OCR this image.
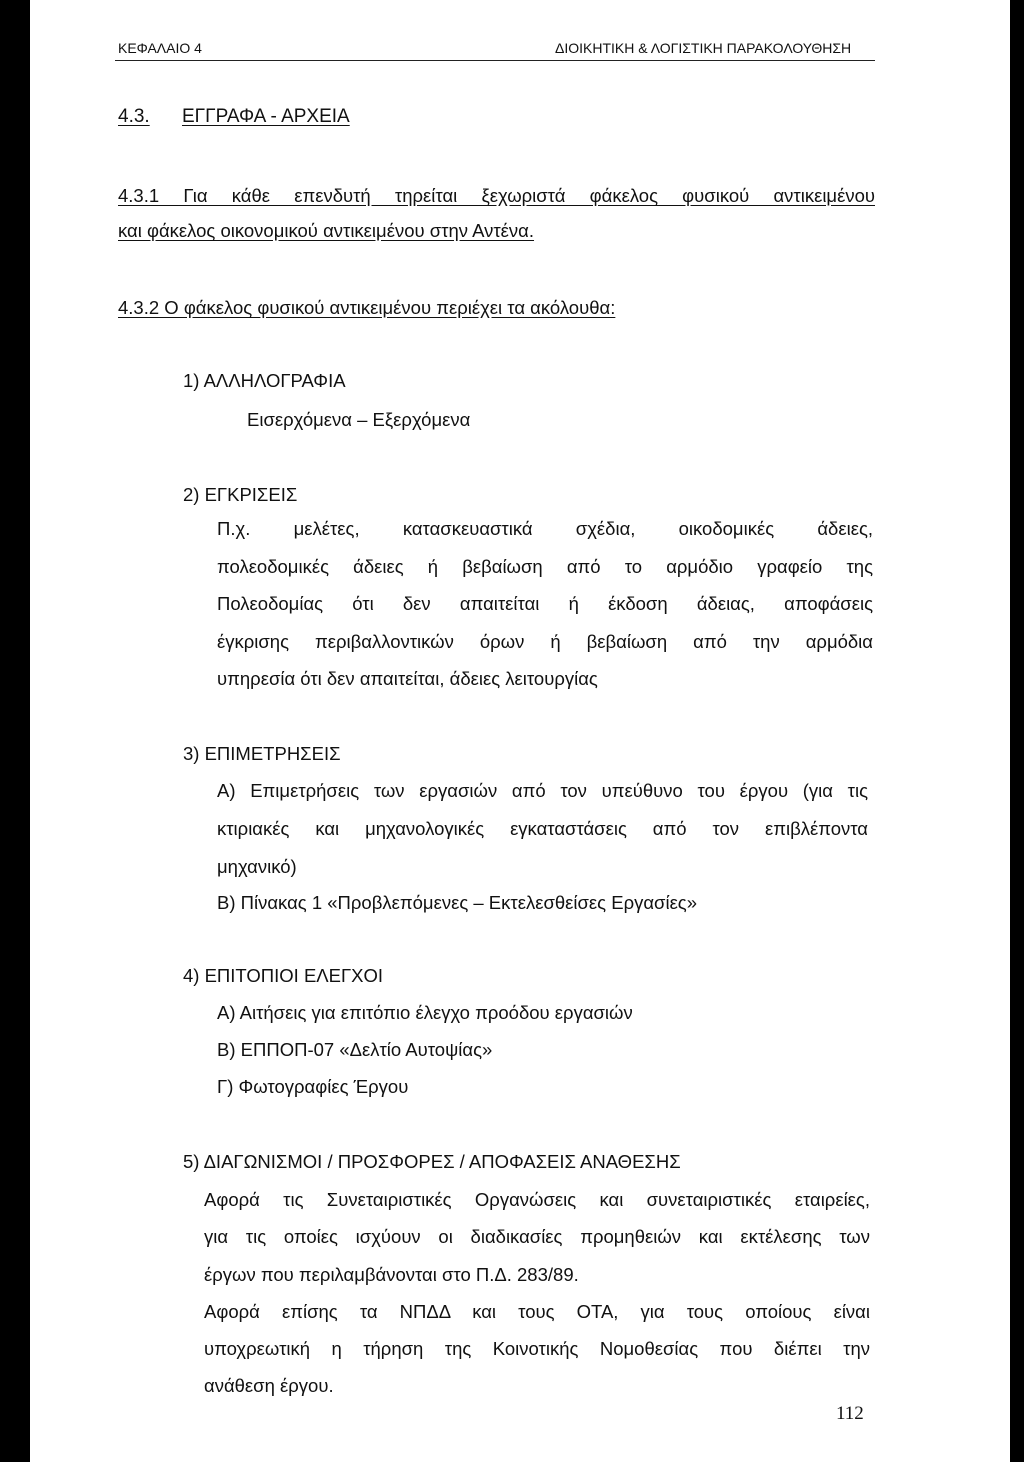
ΚΕΦΑΛΑΙΟ 4	ΔΙΟΙΚΗΤΙΚΗ & ΛΟΓΙΣΤΙΚΗ ΠΑΡΑΚΟΛΟΥΘΗΣΗ
4.3. ΕΓΓΡΑΦΑ - ΑΡΧΕΙΑ
4.3.1 Για κάθε επενδυτή τηρείται ξεχωριστά φάκελος φυσικού αντικειμένου
και φάκελος οικονομικού αντικειμένου στην Αντένα.
4.3.2 Ο φάκελος φυσικού αντικειμένου περιέχει τα ακόλουθα:
1) ΑΛΛΗΛΟΓΡΑΦΙΑ
Εισερχόμενα – Εξερχόμενα
2) ΕΓΚΡΙΣΕΙΣ
Π.χ. μελέτες, κατασκευαστικά σχέδια, οικοδομικές άδειες,
πολεοδομικές άδειες ή βεβαίωση από το αρμόδιο γραφείο της
Πολεοδομίας ότι δεν απαιτείται ή έκδοση άδειας, αποφάσεις
έγκρισης περιβαλλοντικών όρων ή βεβαίωση από την αρμόδια
υπηρεσία ότι δεν απαιτείται, άδειες λειτουργίας
3) ΕΠΙΜΕΤΡΗΣΕΙΣ
Α) Επιμετρήσεις των εργασιών από τον υπεύθυνο του έργου (για τις
κτιριακές και μηχανολογικές εγκαταστάσεις από τον επιβλέποντα
μηχανικό)
Β) Πίνακας 1 «Προβλεπόμενες – Εκτελεσθείσες Εργασίες»
4) ΕΠΙΤΟΠΙΟΙ ΕΛΕΓΧΟΙ
Α) Αιτήσεις για επιτόπιο έλεγχο προόδου εργασιών
Β) ΕΠΠΟΠ-07 «Δελτίο Αυτοψίας»
Γ) Φωτογραφίες Έργου
5) ΔΙΑΓΩΝΙΣΜΟΙ / ΠΡΟΣΦΟΡΕΣ / ΑΠΟΦΑΣΕΙΣ ΑΝΑΘΕΣΗΣ
Αφορά τις Συνεταιριστικές Οργανώσεις και συνεταιριστικές εταιρείες,
για τις οποίες ισχύουν οι διαδικασίες προμηθειών και εκτέλεσης των
έργων που περιλαμβάνονται στο Π.Δ. 283/89.
Αφορά επίσης τα ΝΠΔΔ και τους ΟΤΑ, για τους οποίους είναι
υποχρεωτική η τήρηση της Κοινοτικής Νομοθεσίας που διέπει την
ανάθεση έργου.
112
